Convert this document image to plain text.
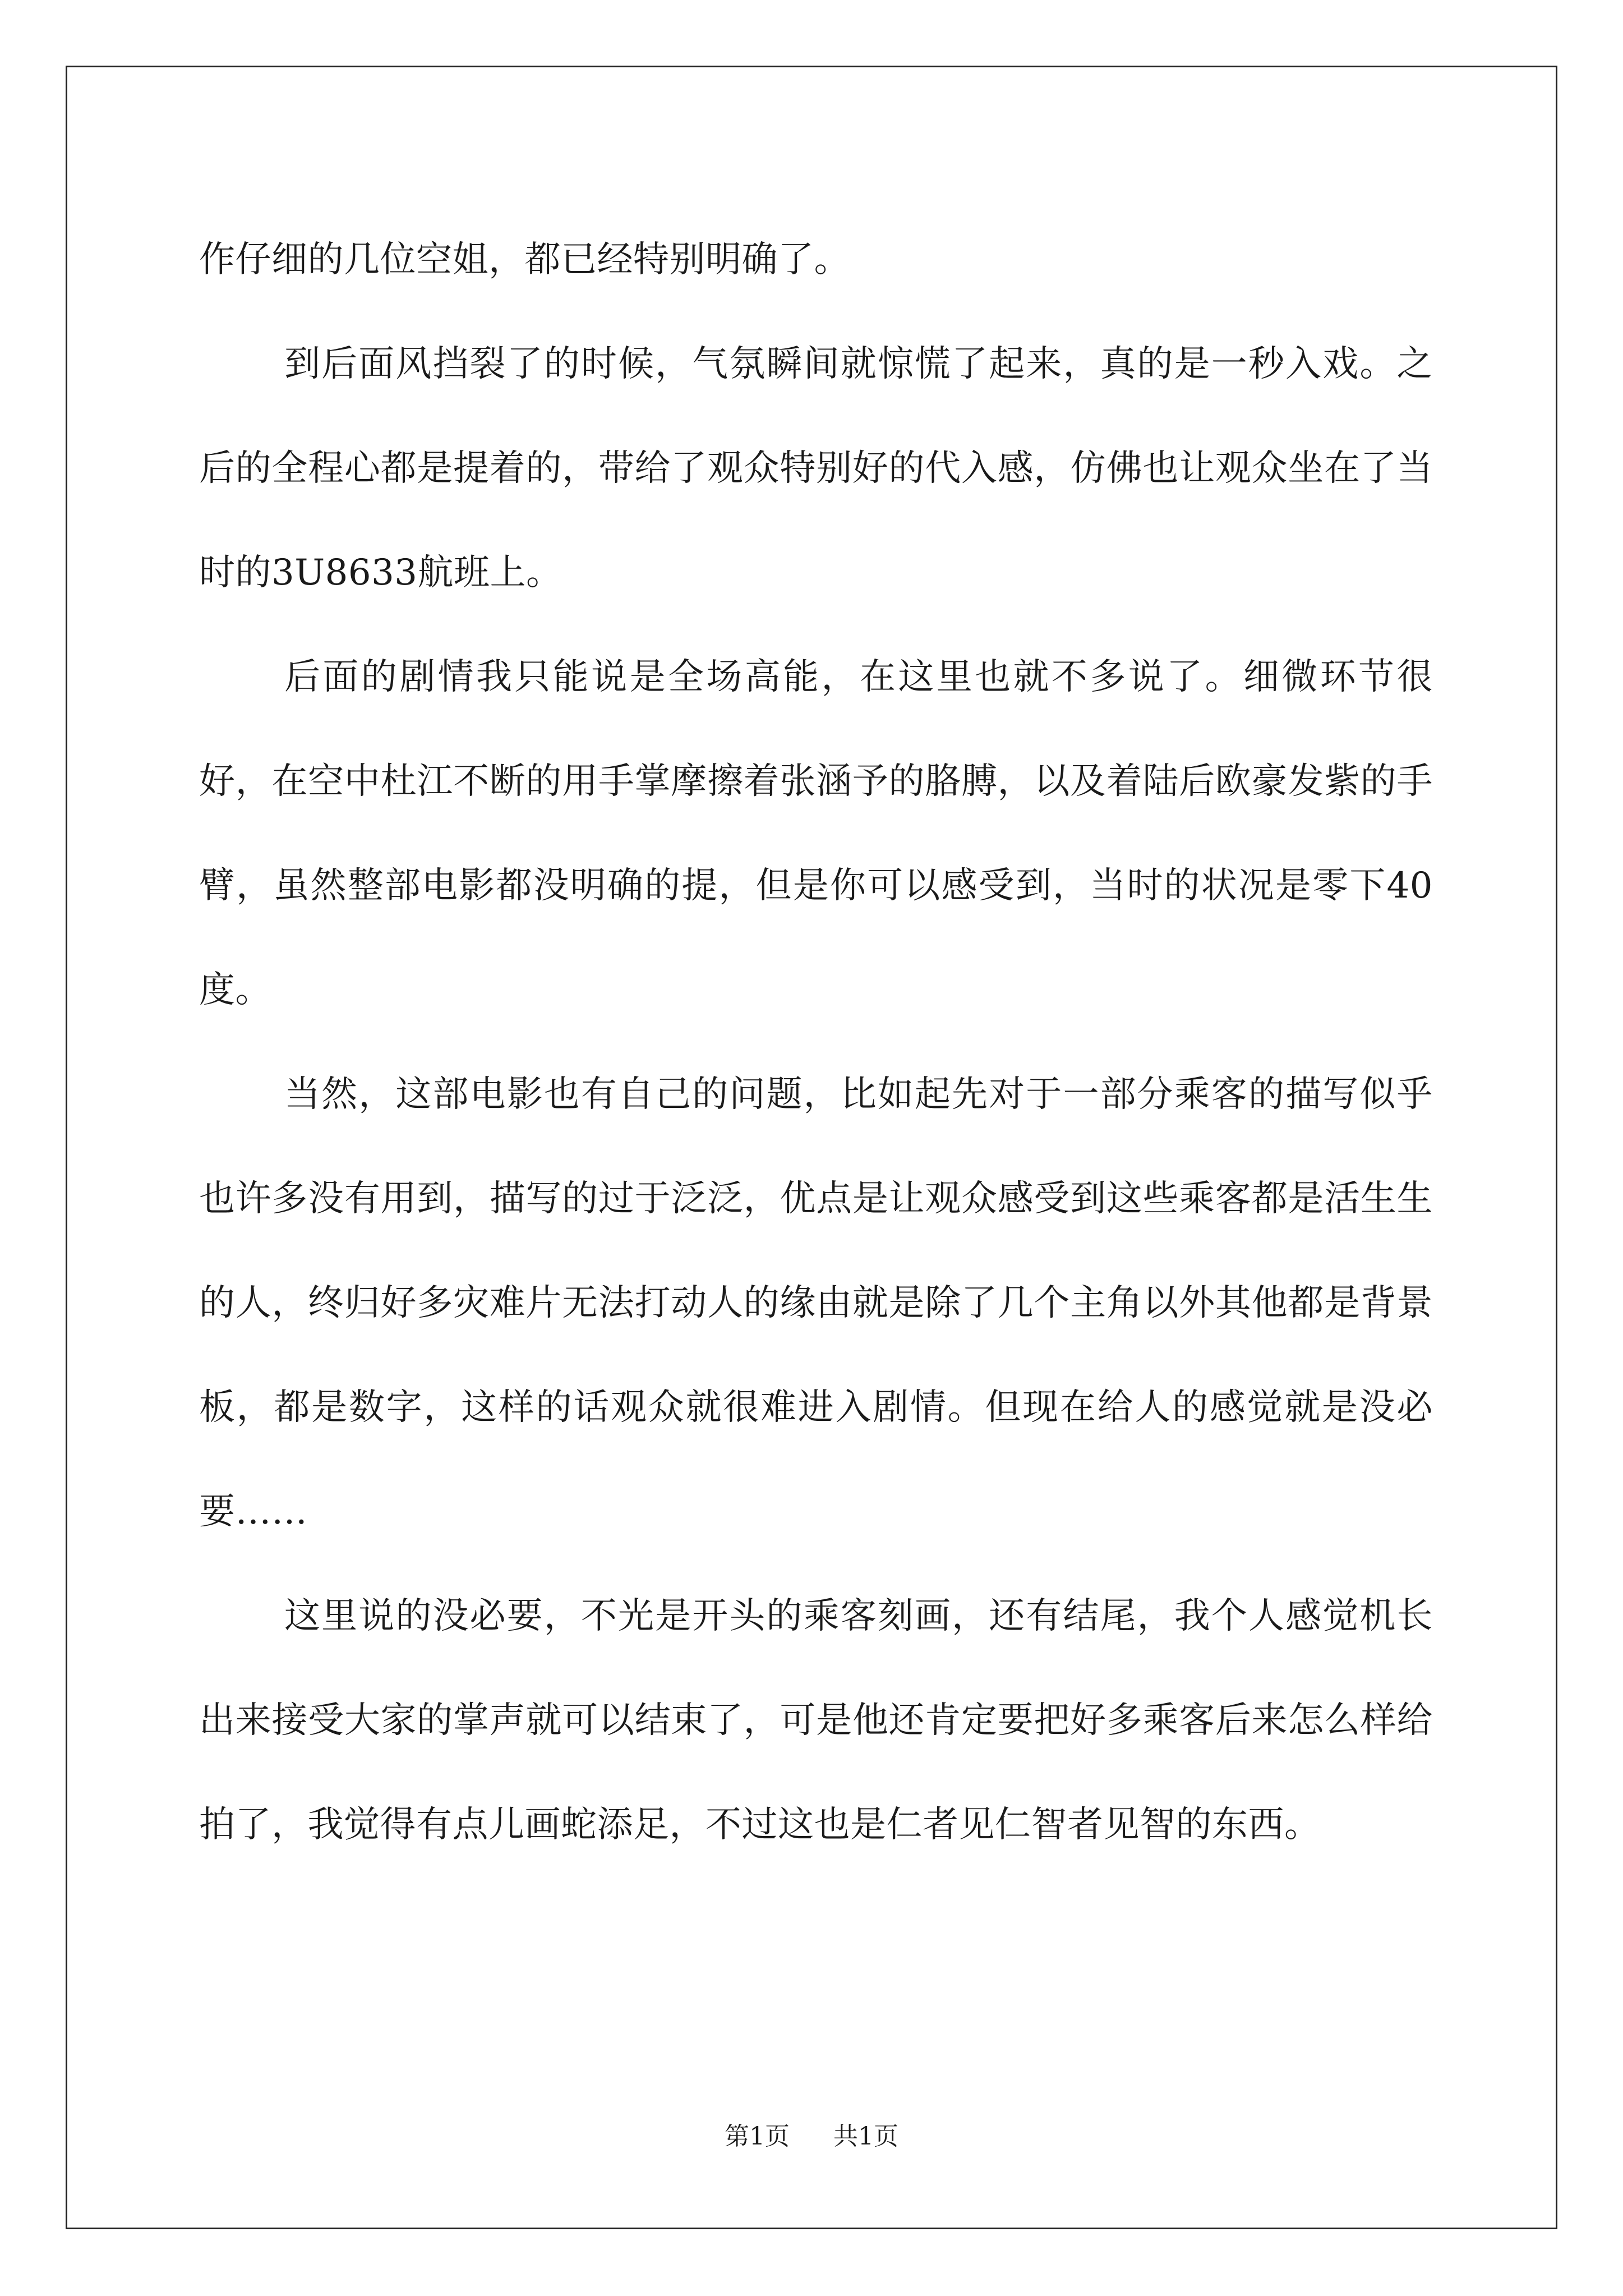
作仔细的几位空姐，都已经特别明确了。

到后面风挡裂了的时候，气氛瞬间就惊慌了起来，真的是一秒入戏。之后的全程心都是提着的，带给了观众特别好的代入感，仿佛也让观众坐在了当时的3U8633航班上。

后面的剧情我只能说是全场高能，在这里也就不多说了。细微环节很好，在空中杜江不断的用手掌摩擦着张涵予的胳膊，以及着陆后欧豪发紫的手臂，虽然整部电影都没明确的提，但是你可以感受到，当时的状况是零下40度。

当然，这部电影也有自己的问题，比如起先对于一部分乘客的描写似乎也许多没有用到，描写的过于泛泛，优点是让观众感受到这些乘客都是活生生的人，终归好多灾难片无法打动人的缘由就是除了几个主角以外其他都是背景板，都是数字，这样的话观众就很难进入剧情。但现在给人的感觉就是没必要……

这里说的没必要，不光是开头的乘客刻画，还有结尾，我个人感觉机长出来接受大家的掌声就可以结束了，可是他还肯定要把好多乘客后来怎么样给拍了，我觉得有点儿画蛇添足，不过这也是仁者见仁智者见智的东西。

第1页 共1页
